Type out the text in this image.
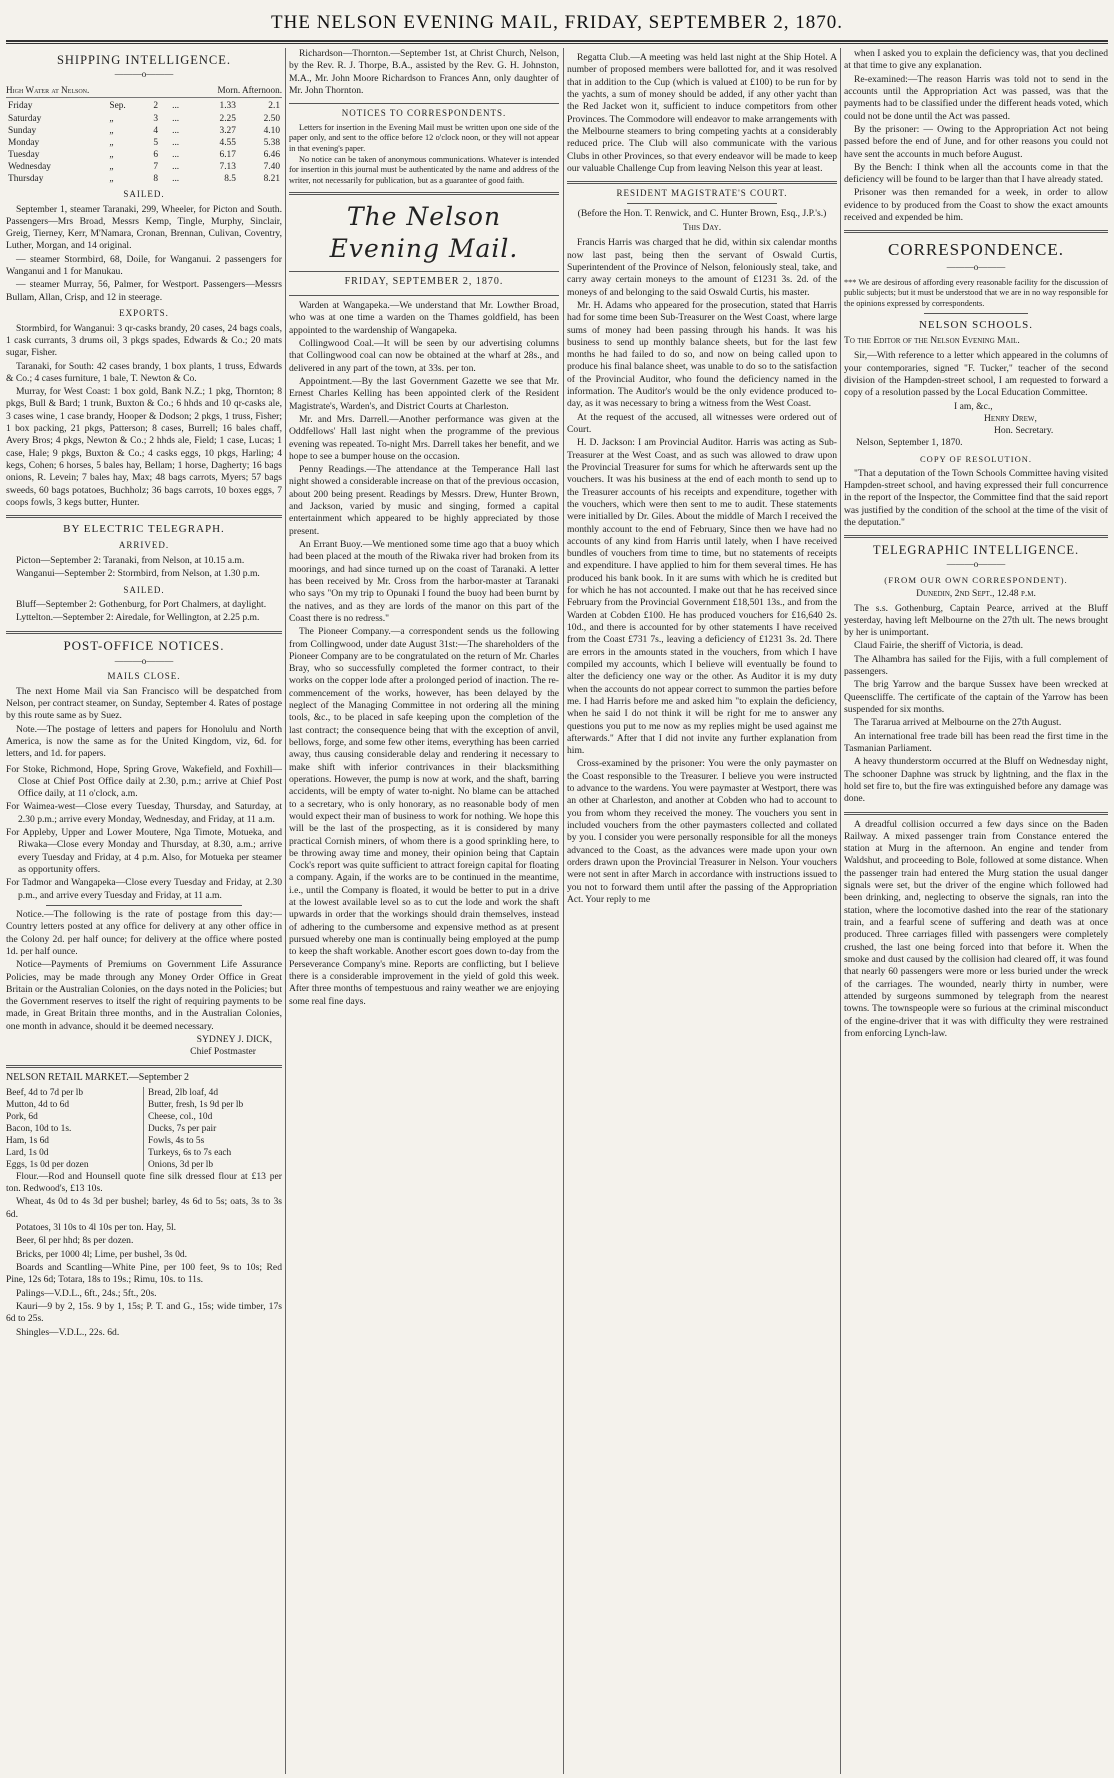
THE NELSON EVENING MAIL, FRIDAY, SEPTEMBER 2, 1870.
SHIPPING INTELLIGENCE.
———o———
High Water at Nelson.	Morn. Afternoon.
Friday	Sep.	2	...	1.33	2.1
Saturday	„	3	...	2.25	2.50
Sunday	„	4	...	3.27	4.10
Monday	„	5	...	4.55	5.38
Tuesday	„	6	...	6.17	6.46
Wednesday	„	7	...	7.13	7.40
Thursday	„	8	...	8.5	8.21
SAILED.

September 1, steamer Taranaki, 299, Wheeler, for Picton and South. Passengers—Mrs Broad, Messrs Kemp, Tingle, Murphy, Sinclair, Greig, Tierney, Kerr, M'Namara, Cronan, Brennan, Culivan, Coventry, Luther, Morgan, and 14 original.

— steamer Stormbird, 68, Doile, for Wanganui. 2 passengers for Wanganui and 1 for Manukau.

— steamer Murray, 56, Palmer, for Westport. Passengers—Messrs Bullam, Allan, Crisp, and 12 in steerage.

EXPORTS.

Stormbird, for Wanganui: 3 qr-casks brandy, 20 cases, 24 bags coals, 1 cask currants, 3 drums oil, 3 pkgs spades, Edwards & Co.; 20 mats sugar, Fisher.

Taranaki, for South: 42 cases brandy, 1 box plants, 1 truss, Edwards & Co.; 4 cases furniture, 1 bale, T. Newton & Co.

Murray, for West Coast: 1 box gold, Bank N.Z.; 1 pkg, Thornton; 8 pkgs, Bull & Bard; 1 trunk, Buxton & Co.; 6 hhds and 10 qr-casks ale, 3 cases wine, 1 case brandy, Hooper & Dodson; 2 pkgs, 1 truss, Fisher; 1 box packing, 21 pkgs, Patterson; 8 cases, Burrell; 16 bales chaff, Avery Bros; 4 pkgs, Newton & Co.; 2 hhds ale, Field; 1 case, Lucas; 1 case, Hale; 9 pkgs, Buxton & Co.; 4 casks eggs, 10 pkgs, Harling; 4 kegs, Cohen; 6 horses, 5 bales hay, Bellam; 1 horse, Dagherty; 16 bags onions, R. Levein; 7 bales hay, Max; 48 bags carrots, Myers; 57 bags sweeds, 60 bags potatoes, Buchholz; 36 bags carrots, 10 boxes eggs, 7 coops fowls, 3 kegs butter, Hunter.

BY ELECTRIC TELEGRAPH.
ARRIVED.

Picton—September 2: Taranaki, from Nelson, at 10.15 a.m.

Wanganui—September 2: Stormbird, from Nelson, at 1.30 p.m.

SAILED.

Bluff—September 2: Gothenburg, for Port Chalmers, at daylight.

Lyttelton.—September 2: Airedale, for Wellington, at 2.25 p.m.

POST-OFFICE NOTICES.
———o———
MAILS CLOSE.

The next Home Mail via San Francisco will be despatched from Nelson, per contract steamer, on Sunday, September 4. Rates of postage by this route same as by Suez.

Note.—The postage of letters and papers for Honolulu and North America, is now the same as for the United Kingdom, viz, 6d. for letters, and 1d. for papers.

For Stoke, Richmond, Hope, Spring Grove, Wakefield, and Foxhill—Close at Chief Post Office daily at 2.30, p.m.; arrive at Chief Post Office daily, at 11 o'clock, a.m.

For Waimea-west—Close every Tuesday, Thursday, and Saturday, at 2.30 p.m.; arrive every Monday, Wednesday, and Friday, at 11 a.m.

For Appleby, Upper and Lower Moutere, Nga Timote, Motueka, and Riwaka—Close every Monday and Thursday, at 8.30, a.m.; arrive every Tuesday and Friday, at 4 p.m. Also, for Motueka per steamer as opportunity offers.

For Tadmor and Wangapeka—Close every Tuesday and Friday, at 2.30 p.m., and arrive every Tuesday and Friday, at 11 a.m.

Notice.—The following is the rate of postage from this day:—Country letters posted at any office for delivery at any other office in the Colony 2d. per half ounce; for delivery at the office where posted 1d. per half ounce.

Notice—Payments of Premiums on Government Life Assurance Policies, may be made through any Money Order Office in Great Britain or the Australian Colonies, on the days noted in the Policies; but the Government reserves to itself the right of requiring payments to be made, in Great Britain three months, and in the Australian Colonies, one month in advance, should it be deemed necessary.

SYDNEY J. DICK,
Chief Postmaster
NELSON RETAIL MARKET.—September 2
Beef, 4d to 7d per lb	Bread, 2lb loaf, 4d
Mutton, 4d to 6d	Butter, fresh, 1s 9d per lb
Pork, 6d	Cheese, col., 10d
Bacon, 10d to 1s.	Ducks, 7s per pair
Ham, 1s 6d	Fowls, 4s to 5s
Lard, 1s 0d	Turkeys, 6s to 7s each
Eggs, 1s 0d per dozen	Onions, 3d per lb

Flour.—Rod and Hounsell quote fine silk dressed flour at £13 per ton. Redwood's, £13 10s.

Wheat, 4s 0d to 4s 3d per bushel; barley, 4s 6d to 5s; oats, 3s to 3s 6d.

Potatoes, 3l 10s to 4l 10s per ton. Hay, 5l.

Beer, 6l per hhd; 8s per dozen.

Bricks, per 1000 4l; Lime, per bushel, 3s 0d.

Boards and Scantling—White Pine, per 100 feet, 9s to 10s; Red Pine, 12s 6d; Totara, 18s to 19s.; Rimu, 10s. to 11s.

Palings—V.D.L., 6ft., 24s.; 5ft., 20s.

Kauri—9 by 2, 15s. 9 by 1, 15s; P. T. and G., 15s; wide timber, 17s 6d to 25s.

Shingles—V.D.L., 22s. 6d.

Richardson—Thornton.—September 1st, at Christ Church, Nelson, by the Rev. R. J. Thorpe, B.A., assisted by the Rev. G. H. Johnston, M.A., Mr. John Moore Richardson to Frances Ann, only daughter of Mr. John Thornton.

NOTICES TO CORRESPONDENTS.

Letters for insertion in the Evening Mail must be written upon one side of the paper only, and sent to the office before 12 o'clock noon, or they will not appear in that evening's paper.

No notice can be taken of anonymous communications. Whatever is intended for insertion in this journal must be authenticated by the name and address of the writer, not necessarily for publication, but as a guarantee of good faith.

The Nelson Evening Mail.
FRIDAY, SEPTEMBER 2, 1870.

Warden at Wangapeka.—We understand that Mr. Lowther Broad, who was at one time a warden on the Thames goldfield, has been appointed to the wardenship of Wangapeka.

Collingwood Coal.—It will be seen by our advertising columns that Collingwood coal can now be obtained at the wharf at 28s., and delivered in any part of the town, at 33s. per ton.

Appointment.—By the last Government Gazette we see that Mr. Ernest Charles Kelling has been appointed clerk of the Resident Magistrate's, Warden's, and District Courts at Charleston.

Mr. and Mrs. Darrell.—Another performance was given at the Oddfellows' Hall last night when the programme of the previous evening was repeated. To-night Mrs. Darrell takes her benefit, and we hope to see a bumper house on the occasion.

Penny Readings.—The attendance at the Temperance Hall last night showed a considerable increase on that of the previous occasion, about 200 being present. Readings by Messrs. Drew, Hunter Brown, and Jackson, varied by music and singing, formed a capital entertainment which appeared to be highly appreciated by those present.

An Errant Buoy.—We mentioned some time ago that a buoy which had been placed at the mouth of the Riwaka river had broken from its moorings, and had since turned up on the coast of Taranaki. A letter has been received by Mr. Cross from the harbor-master at Taranaki who says "On my trip to Opunaki I found the buoy had been burnt by the natives, and as they are lords of the manor on this part of the Coast there is no redress."

The Pioneer Company.—a correspondent sends us the following from Collingwood, under date August 31st:—The shareholders of the Pioneer Company are to be congratulated on the return of Mr. Charles Bray, who so successfully completed the former contract, to their works on the copper lode after a prolonged period of inaction. The re-commencement of the works, however, has been delayed by the neglect of the Managing Committee in not ordering all the mining tools, &c., to be placed in safe keeping upon the completion of the last contract; the consequence being that with the exception of anvil, bellows, forge, and some few other items, everything has been carried away, thus causing considerable delay and rendering it necessary to make shift with inferior contrivances in their blacksmithing operations. However, the pump is now at work, and the shaft, barring accidents, will be empty of water to-night. No blame can be attached to a secretary, who is only honorary, as no reasonable body of men would expect their man of business to work for nothing. We hope this will be the last of the prospecting, as it is considered by many practical Cornish miners, of whom there is a good sprinkling here, to be throwing away time and money, their opinion being that Captain Cock's report was quite sufficient to attract foreign capital for floating a company. Again, if the works are to be continued in the meantime, i.e., until the Company is floated, it would be better to put in a drive at the lowest available level so as to cut the lode and work the shaft upwards in order that the workings should drain themselves, instead of adhering to the cumbersome and expensive method as at present pursued whereby one man is continually being employed at the pump to keep the shaft workable. Another escort goes down to-day from the Perseverance Company's mine. Reports are conflicting, but I believe there is a considerable improvement in the yield of gold this week. After three months of tempestuous and rainy weather we are enjoying some real fine days.

Regatta Club.—A meeting was held last night at the Ship Hotel. A number of proposed members were ballotted for, and it was resolved that in addition to the Cup (which is valued at £100) to be run for by the yachts, a sum of money should be added, if any other yacht than the Red Jacket won it, sufficient to induce competitors from other Provinces. The Commodore will endeavor to make arrangements with the Melbourne steamers to bring competing yachts at a considerably reduced price. The Club will also communicate with the various Clubs in other Provinces, so that every endeavor will be made to keep our valuable Challenge Cup from leaving Nelson this year at least.

RESIDENT MAGISTRATE'S COURT.
(Before the Hon. T. Renwick, and C. Hunter Brown, Esq., J.P.'s.)
This Day.

Francis Harris was charged that he did, within six calendar months now last past, being then the servant of Oswald Curtis, Superintendent of the Province of Nelson, feloniously steal, take, and carry away certain moneys to the amount of £1231 3s. 2d. of the moneys of and belonging to the said Oswald Curtis, his master.

Mr. H. Adams who appeared for the prosecution, stated that Harris had for some time been Sub-Treasurer on the West Coast, where large sums of money had been passing through his hands. It was his business to send up monthly balance sheets, but for the last few months he had failed to do so, and now on being called upon to produce his final balance sheet, was unable to do so to the satisfaction of the Provincial Auditor, who found the deficiency named in the information. The Auditor's would be the only evidence produced to-day, as it was necessary to bring a witness from the West Coast.

At the request of the accused, all witnesses were ordered out of Court.

H. D. Jackson: I am Provincial Auditor. Harris was acting as Sub-Treasurer at the West Coast, and as such was allowed to draw upon the Provincial Treasurer for sums for which he afterwards sent up the vouchers. It was his business at the end of each month to send up to the Treasurer accounts of his receipts and expenditure, together with the vouchers, which were then sent to me to audit. These statements were initialled by Dr. Giles. About the middle of March I received the monthly account to the end of February, Since then we have had no accounts of any kind from Harris until lately, when I have received bundles of vouchers from time to time, but no statements of receipts and expenditure. I have applied to him for them several times. He has produced his bank book. In it are sums with which he is credited but for which he has not accounted. I make out that he has received since February from the Provincial Government £18,501 13s., and from the Warden at Cobden £100. He has produced vouchers for £16,640 2s. 10d., and there is accounted for by other statements I have received from the Coast £731 7s., leaving a deficiency of £1231 3s. 2d. There are errors in the amounts stated in the vouchers, from which I have compiled my accounts, which I believe will eventually be found to alter the deficiency one way or the other. As Auditor it is my duty when the accounts do not appear correct to summon the parties before me. I had Harris before me and asked him "to explain the deficiency, when he said I do not think it will be right for me to answer any questions you put to me now as my replies might be used against me afterwards." After that I did not invite any further explanation from him.

Cross-examined by the prisoner: You were the only paymaster on the Coast responsible to the Treasurer. I believe you were instructed to advance to the wardens. You were paymaster at Westport, there was an other at Charleston, and another at Cobden who had to account to you from whom they received the money. The vouchers you sent in included vouchers from the other paymasters collected and collated by you. I consider you were personally responsible for all the moneys advanced to the Coast, as the advances were made upon your own orders drawn upon the Provincial Treasurer in Nelson. Your vouchers were not sent in after March in accordance with instructions issued to you not to forward them until after the passing of the Appropriation Act. Your reply to me

when I asked you to explain the deficiency was, that you declined at that time to give any explanation.

Re-examined:—The reason Harris was told not to send in the accounts until the Appropriation Act was passed, was that the payments had to be classified under the different heads voted, which could not be done until the Act was passed.

By the prisoner: — Owing to the Appropriation Act not being passed before the end of June, and for other reasons you could not have sent the accounts in much before August.

By the Bench: I think when all the accounts come in that the deficiency will be found to be larger than that I have already stated.

Prisoner was then remanded for a week, in order to allow evidence to by produced from the Coast to show the exact amounts received and expended be him.

CORRESPONDENCE.
———o———
*** We are desirous of affording every reasonable facility for the discussion of public subjects; but it must be understood that we are in no way responsible for the opinions expressed by correspondents.
NELSON SCHOOLS.
To the Editor of the Nelson Evening Mail.

Sir,—With reference to a letter which appeared in the columns of your contemporaries, signed "F. Tucker," teacher of the second division of the Hampden-street school, I am requested to forward a copy of a resolution passed by the Local Education Committee.

I am, &c.,
Henry Drew,
Hon. Secretary.
Nelson, September 1, 1870.
COPY OF RESOLUTION.

"That a deputation of the Town Schools Committee having visited Hampden-street school, and having expressed their full concurrence in the report of the Inspector, the Committee find that the said report was justified by the condition of the school at the time of the visit of the deputation."

TELEGRAPHIC INTELLIGENCE.
———o———
(FROM OUR OWN CORRESPONDENT).
Dunedin, 2nd Sept., 12.48 p.m.

The s.s. Gothenburg, Captain Pearce, arrived at the Bluff yesterday, having left Melbourne on the 27th ult. The news brought by her is unimportant.

Claud Fairie, the sheriff of Victoria, is dead.

The Alhambra has sailed for the Fijis, with a full complement of passengers.

The brig Yarrow and the barque Sussex have been wrecked at Queenscliffe. The certificate of the captain of the Yarrow has been suspended for six months.

The Tararua arrived at Melbourne on the 27th August.

An international free trade bill has been read the first time in the Tasmanian Parliament.

A heavy thunderstorm occurred at the Bluff on Wednesday night, The schooner Daphne was struck by lightning, and the flax in the hold set fire to, but the fire was extinguished before any damage was done.

A dreadful collision occurred a few days since on the Baden Railway. A mixed passenger train from Constance entered the station at Murg in the afternoon. An engine and tender from Waldshut, and proceeding to Bole, followed at some distance. When the passenger train had entered the Murg station the usual danger signals were set, but the driver of the engine which followed had been drinking, and, neglecting to observe the signals, ran into the station, where the locomotive dashed into the rear of the stationary train, and a fearful scene of suffering and death was at once produced. Three carriages filled with passengers were completely crushed, the last one being forced into that before it. When the smoke and dust caused by the collision had cleared off, it was found that nearly 60 passengers were more or less buried under the wreck of the carriages. The wounded, nearly thirty in number, were attended by surgeons summoned by telegraph from the nearest towns. The townspeople were so furious at the criminal misconduct of the engine-driver that it was with difficulty they were restrained from enforcing Lynch-law.
